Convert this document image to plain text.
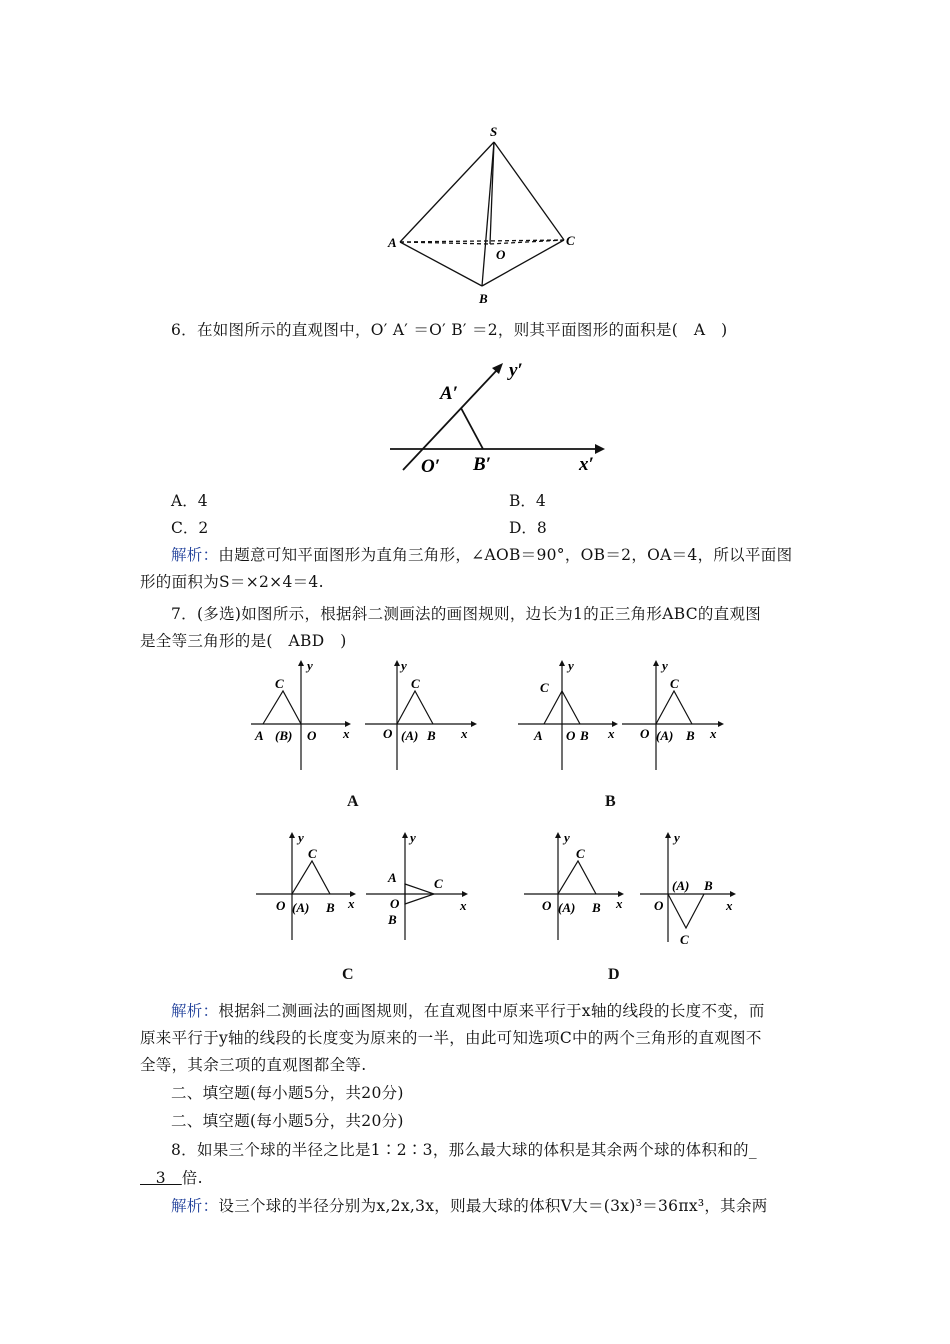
S
A	C
O
B
6．在如图所示的直观图中，O′ A′ ＝O′ B′ ＝2，则其平面图形的面积是(　A　)
A′
y′
O′ B′	x′
A．4	B．4
C．2	D．8
解析：由题意可知平面图形为直角三角形，∠AOB＝90°，OB＝2，OA＝4，所以平面图
形的面积为S＝×2×4＝4.
7．(多选)如图所示，根据斜二测画法的画图规则，边长为1的正三角形ABC的直观图
是全等三角形的是(　ABD　)
C
y
A (B) O x
y
C
O (A) B x
A
C
y
A O B x
y
C
O (A) B x
B
y
C
O (A) B x
y
A	C
O
B
x
C
y
C
O (A) B x
y
(A) B
O
C
x
D
解析：根据斜二测画法的画图规则，在直观图中原来平行于x轴的线段的长度不变，而
原来平行于y轴的线段的长度变为原来的一半，由此可知选项C中的两个三角形的直观图不
全等，其余三项的直观图都全等.
二、填空题(每小题5分，共20分)
二、填空题(每小题5分，共20分)
8．如果三个球的半径之比是1∶2∶3，那么最大球的体积是其余两个球的体积和的_
　3　倍.
解析：设三个球的半径分别为x,2x,3x，则最大球的体积V大＝(3x)³＝36πx³，其余两
